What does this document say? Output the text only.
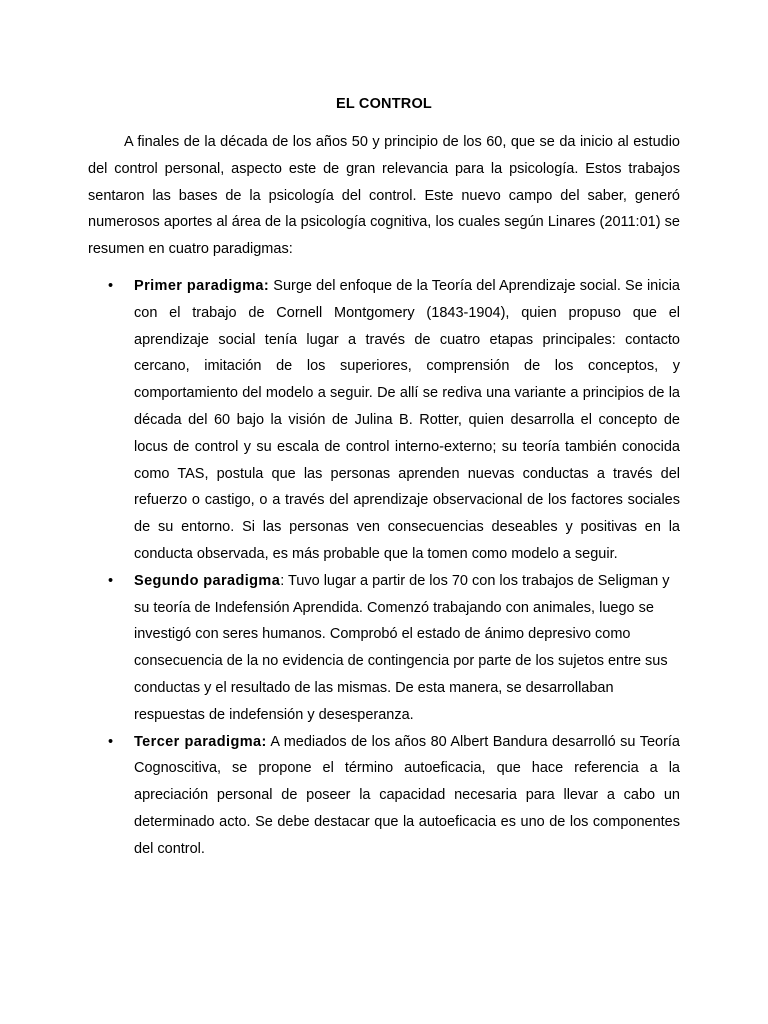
EL CONTROL

A finales de la década de los años 50 y principio de los 60, que se da inicio al estudio del control personal, aspecto este de gran relevancia para la psicología. Estos trabajos sentaron las bases de la psicología del control. Este nuevo campo del saber, generó numerosos aportes al área de la psicología cognitiva, los cuales según Linares (2011:01) se resumen en cuatro paradigmas:

• Primer paradigma: Surge del enfoque de la Teoría del Aprendizaje social. Se inicia con el trabajo de Cornell Montgomery (1843-1904), quien propuso que el aprendizaje social tenía lugar a través de cuatro etapas principales: contacto cercano, imitación de los superiores, comprensión de los conceptos, y comportamiento del modelo a seguir. De allí se rediva una variante a principios de la década del 60 bajo la visión de Julina B. Rotter, quien desarrolla el concepto de locus de control y su escala de control interno-externo; su teoría también conocida como TAS, postula que las personas aprenden nuevas conductas a través del refuerzo o castigo, o a través del aprendizaje observacional de los factores sociales de su entorno. Si las personas ven consecuencias deseables y positivas en la conducta observada, es más probable que la tomen como modelo a seguir.
• Segundo paradigma: Tuvo lugar a partir de los 70 con los trabajos de Seligman y su teoría de Indefensión Aprendida. Comenzó trabajando con animales, luego se investigó con seres humanos. Comprobó el estado de ánimo depresivo como consecuencia de la no evidencia de contingencia por parte de los sujetos entre sus conductas y el resultado de las mismas. De esta manera, se desarrollaban respuestas de indefensión y desesperanza.
• Tercer paradigma: A mediados de los años 80 Albert Bandura desarrolló su Teoría Cognoscitiva, se propone el término autoeficacia, que hace referencia a la apreciación personal de poseer la capacidad necesaria para llevar a cabo un determinado acto. Se debe destacar que la autoeficacia es uno de los componentes del control.
